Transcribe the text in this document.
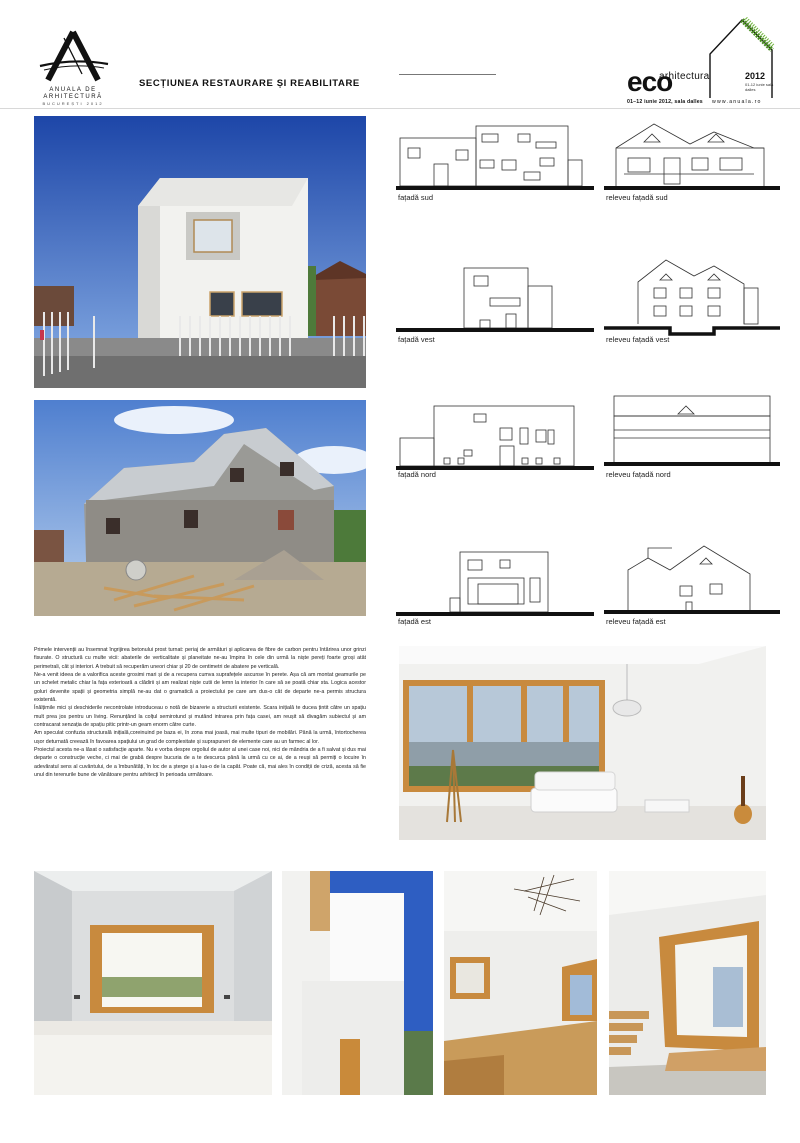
ANUALA DE ARHITECTURĂ
BUCUREȘTI 2012
SECȚIUNEA RESTAURARE ȘI REABILITARE	eco
arhitectura	2012
01-12 iunie sala dalles
01–12 iunie 2012, sala dalles www.anuala.ro
fațadă sud	releveu fațadă sud
fațadă vest	releveu fațadă vest
fațadă nord	releveu fațadă nord
fațadă est	releveu fațadă est

Primele intervenții au însemnat îngrijirea betonului prost turnat: periaj de armături și aplicarea de fibre de carbon pentru întărirea unor grinzi fisurate. O structură cu multe vicii: abaterile de verticalitate și planeitate ne-au împins în cele din urmă la niște pereți foarte groși atât perimetrali, cât și interiori. A trebuit să recuperăm uneori chiar și 20 de centimetri de abatere pe verticală.

Ne-a venit ideea de a valorifica aceste grosimi mari și de a recupera cumva suprafețele ascunse în perete. Așa că am montat geamurile pe un schelet metalic chiar la fața exterioară a clădirii și am realizat niște cutii de lemn la interior în care să se poată chiar sta. Logica acestor goluri devenite spații și geometria simplă ne-au dat o gramatică a proiectului pe care am dus-o cât de departe ne-a permis structura existentă.

Înălțimile mici și deschiderile necontrolate introduceau o notă de bizarerie a structurii existente. Scara inițială te ducea țintit către un spațiu mult prea jos pentru un living. Renunțând la colțul semirotund și mutând intrarea prin fața casei, am reușit să divagăm subiectul și am contracarat senzația de spațiu pitic printr-un geam enorm către curte.

Am speculat confuzia structurală inițială,coreinuind pe baza ei, în zona mai joasă, mai multe tipuri de mobilări. Până la urmă, întortocherea ușor deturnată creează în favoarea spațiului un grad de complexitate și suprapuneri de elemente care au un farmec al lor.

Proiectul acesta ne-a lăsat o satisfacție aparte. Nu e vorba despre orgoliul de autor al unei case noi, nici de mândria de a fi salvat și dus mai departe o construcție veche, ci mai de grabă despre bucuria de a te descurca până la urmă cu ce ai, de a reuși să permiți o locuire în adevăratul sens al cuvântului, de a îmbunătăți, în loc de a șterge și a lua-o de la capăt. Poate că, mai ales în condiții de criză, acesta să fie unul din terenurile bune de vânătoare pentru arhitecți în perioada următoare.
